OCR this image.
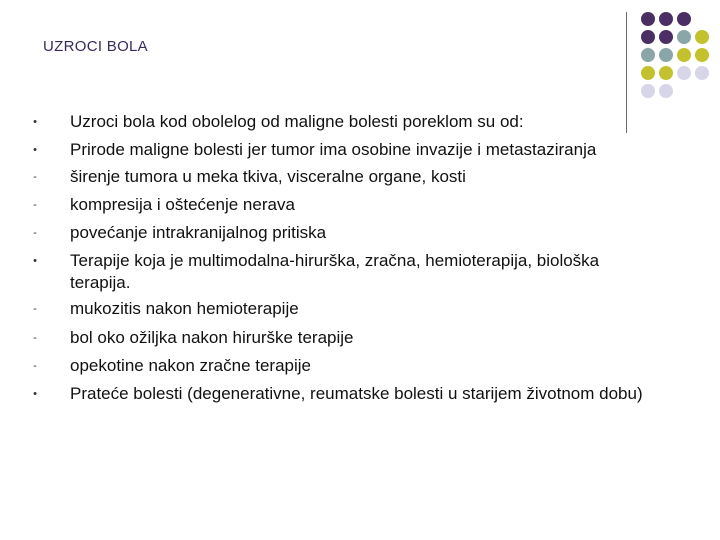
UZROCI BOLA
• Uzroci bola kod obolelog od maligne bolesti poreklom su od:
• Prirode maligne bolesti jer tumor ima osobine invazije i metastaziranja
- širenje tumora u meka tkiva, visceralne organe, kosti
- kompresija i oštećenje nerava
- povećanje intrakranijalnog pritiska
• Terapije koja je multimodalna-hirurška, zračna, hemioterapija, biološka terapija.
- mukozitis nakon hemioterapije
- bol oko ožiljka nakon hirurške terapije
- opekotine nakon zračne terapije
• Prateće bolesti (degenerativne, reumatske bolesti u starijem životnom dobu)
